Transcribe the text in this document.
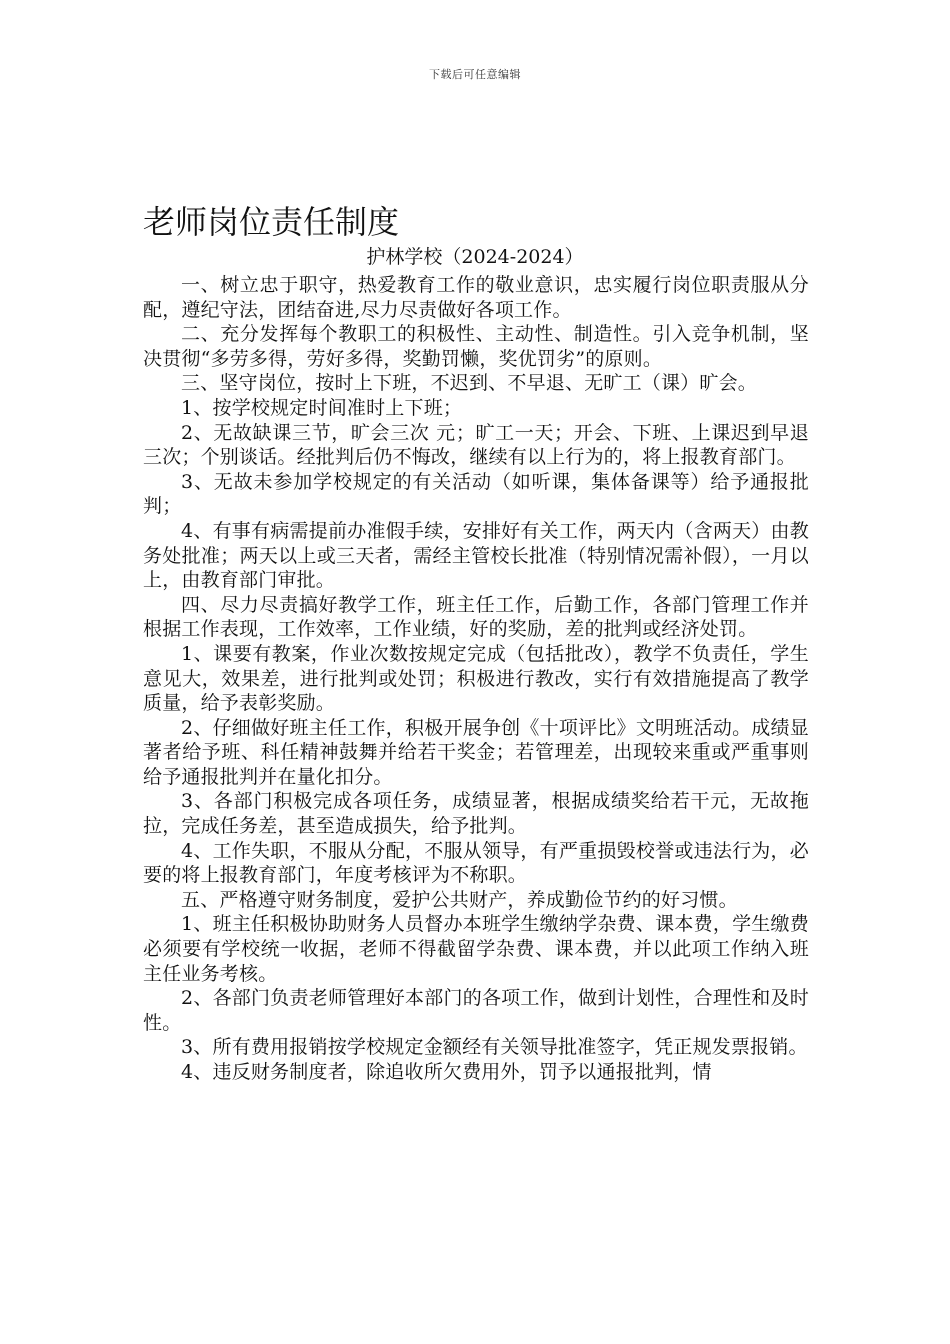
下载后可任意编辑
老师岗位责任制度

护林学校（2024-2024）

一、树立忠于职守，热爱教育工作的敬业意识，忠实履行岗位职责服从分配，遵纪守法，团结奋进,尽力尽责做好各项工作。

二、充分发挥每个教职工的积极性、主动性、制造性。引入竞争机制，坚决贯彻“多劳多得，劳好多得，奖勤罚懒，奖优罚劣”的原则。

三、坚守岗位，按时上下班，不迟到、不早退、无旷工（课）旷会。

1、按学校规定时间准时上下班；

2、无故缺课三节，旷会三次 元；旷工一天；开会、下班、上课迟到早退三次；个别谈话。经批判后仍不悔改，继续有以上行为的，将上报教育部门。

3、无故未参加学校规定的有关活动（如听课，集体备课等）给予通报批判；

4、有事有病需提前办准假手续，安排好有关工作，两天内（含两天）由教务处批准；两天以上或三天者，需经主管校长批准（特别情况需补假），一月以上，由教育部门审批。

四、尽力尽责搞好教学工作，班主任工作，后勤工作，各部门管理工作并根据工作表现，工作效率，工作业绩，好的奖励，差的批判或经济处罚。

1、课要有教案，作业次数按规定完成（包括批改），教学不负责任，学生意见大，效果差，进行批判或处罚；积极进行教改，实行有效措施提高了教学质量，给予表彰奖励。

2、仔细做好班主任工作，积极开展争创《十项评比》文明班活动。成绩显著者给予班、科任精神鼓舞并给若干奖金；若管理差，出现较来重或严重事则给予通报批判并在量化扣分。

3、各部门积极完成各项任务，成绩显著，根据成绩奖给若干元，无故拖拉，完成任务差，甚至造成损失，给予批判。

4、工作失职，不服从分配，不服从领导，有严重损毁校誉或违法行为，必要的将上报教育部门，年度考核评为不称职。

五、严格遵守财务制度，爱护公共财产，养成勤俭节约的好习惯。

1、班主任积极协助财务人员督办本班学生缴纳学杂费、课本费，学生缴费必须要有学校统一收据，老师不得截留学杂费、课本费，并以此项工作纳入班主任业务考核。

2、各部门负责老师管理好本部门的各项工作，做到计划性，合理性和及时性。

3、所有费用报销按学校规定金额经有关领导批准签字，凭正规发票报销。

4、违反财务制度者，除追收所欠费用外，罚予以通报批判，情
